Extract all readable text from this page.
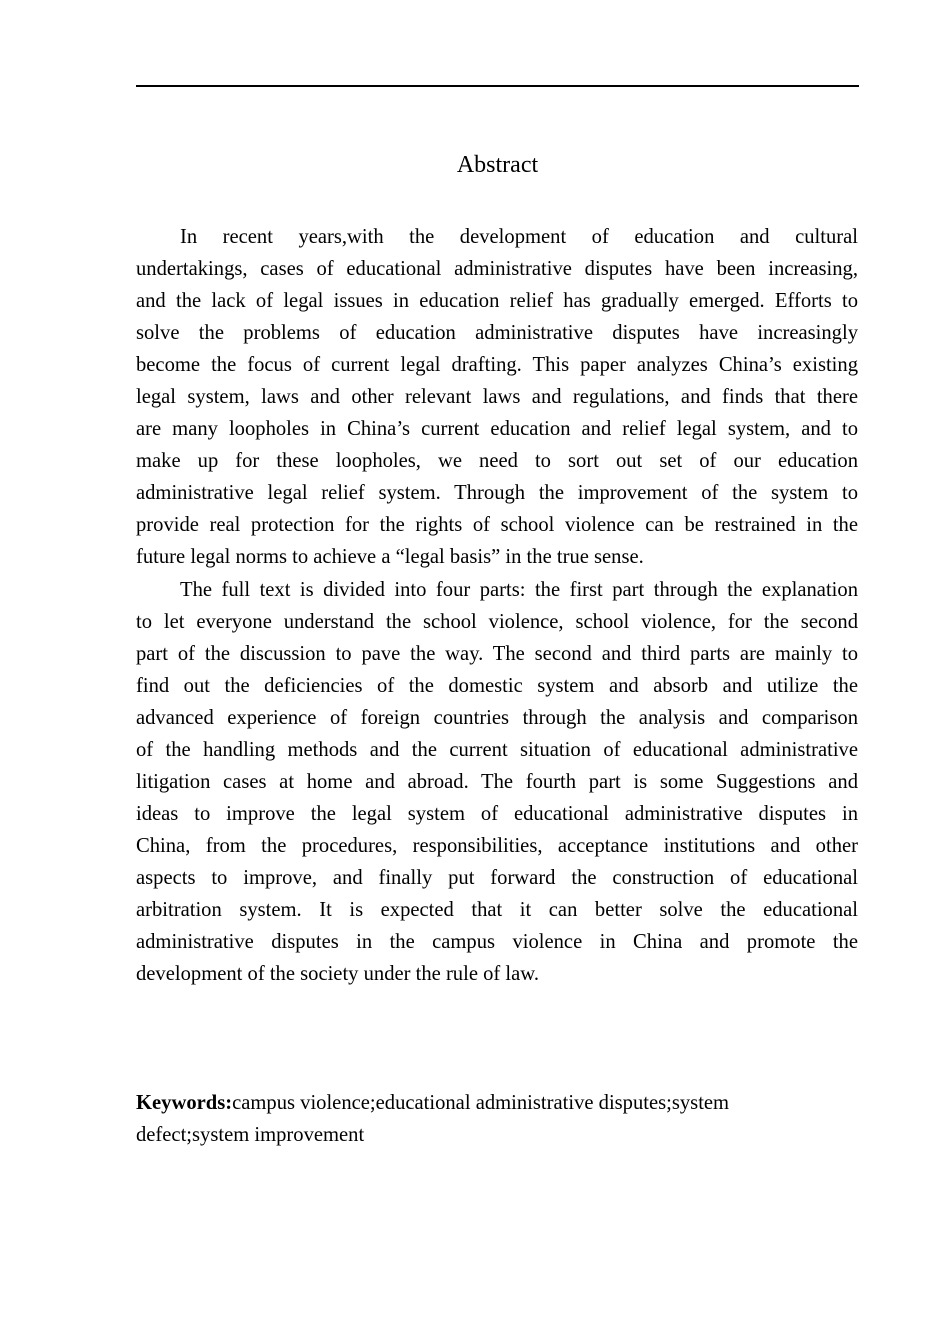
Abstract
In recent years,with the development of education and cultural
undertakings, cases of educational administrative disputes have been increasing,
and the lack of legal issues in education relief has gradually emerged. Efforts to
solve the problems of education administrative disputes have increasingly
become the focus of current legal drafting. This paper analyzes China’s existing
legal system, laws and other relevant laws and regulations, and finds that there
are many loopholes in China’s current education and relief legal system, and to
make up for these loopholes, we need to sort out set of our education
administrative legal relief system. Through the improvement of the system to
provide real protection for the rights of school violence can be restrained in the
future legal norms to achieve a “legal basis” in the true sense.
The full text is divided into four parts: the first part through the explanation
to let everyone understand the school violence, school violence, for the second
part of the discussion to pave the way. The second and third parts are mainly to
find out the deficiencies of the domestic system and absorb and utilize the
advanced experience of foreign countries through the analysis and comparison
of the handling methods and the current situation of educational administrative
litigation cases at home and abroad. The fourth part is some Suggestions and
ideas to improve the legal system of educational administrative disputes in
China, from the procedures, responsibilities, acceptance institutions and other
aspects to improve, and finally put forward the construction of educational
arbitration system. It is expected that it can better solve the educational
administrative disputes in the campus violence in China and promote the
development of the society under the rule of law.
Keywords:campus violence;educational administrative disputes;system defect;system improvement
